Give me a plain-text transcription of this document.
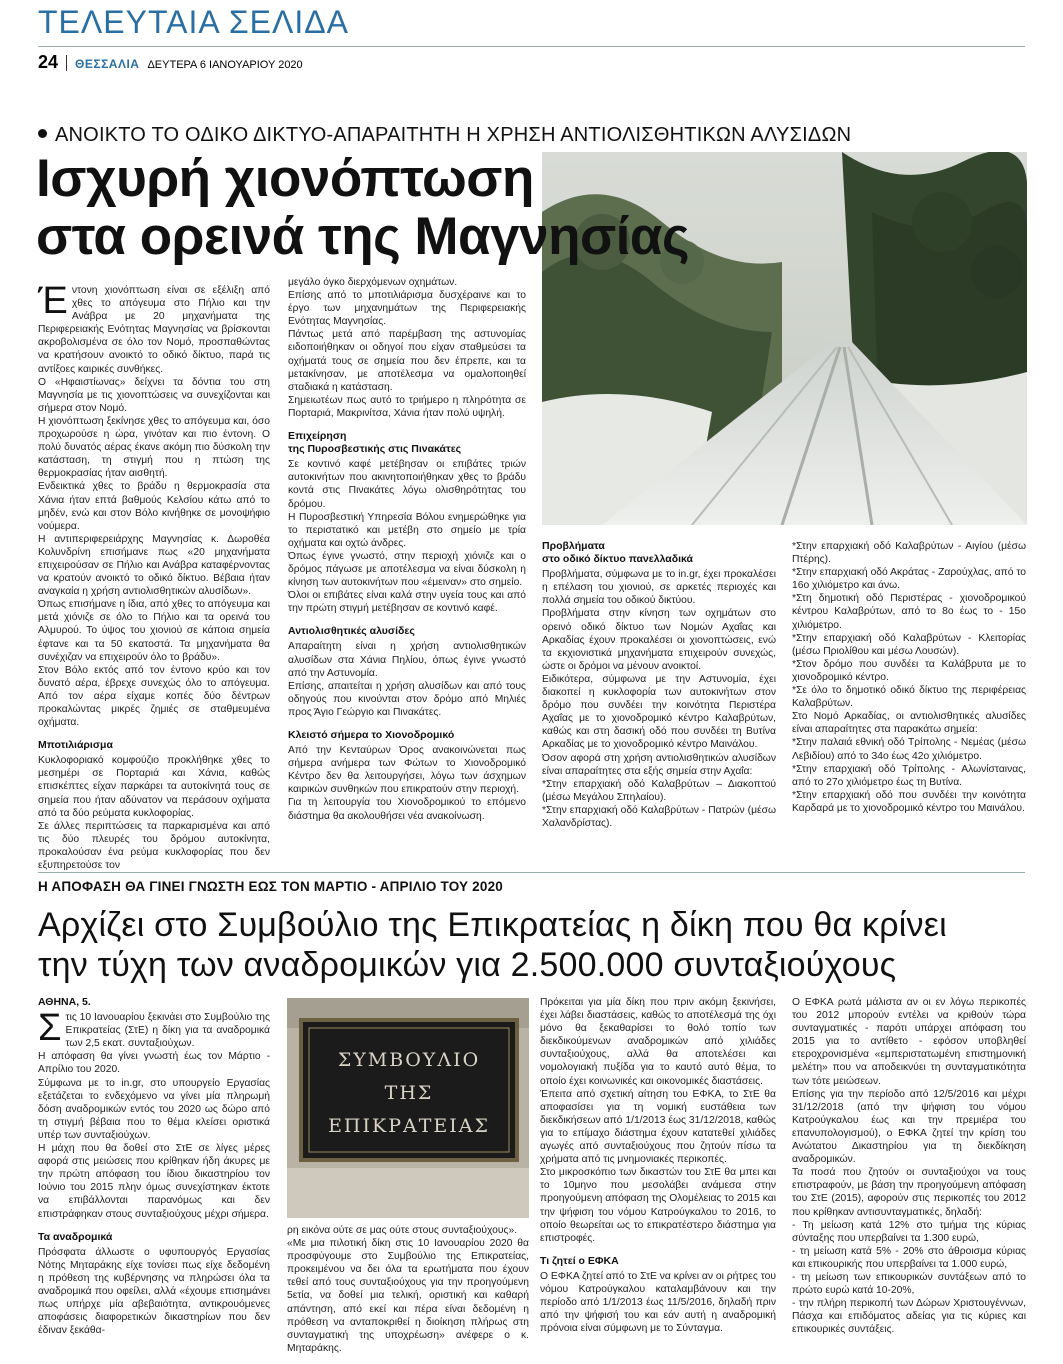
ΤΕΛΕΥΤΑΙΑ ΣΕΛΙΔΑ
24 ΘΕΣΣΑΛΙΑ ΔΕΥΤΕΡΑ 6 ΙΑΝΟΥΑΡΙΟΥ 2020
ΑΝΟΙΚΤΟ ΤΟ ΟΔΙΚΟ ΔΙΚΤΥΟ-ΑΠΑΡΑΙΤΗΤΗ Η ΧΡΗΣΗ ΑΝΤΙΟΛΙΣΘΗΤΙΚΩΝ ΑΛΥΣΙΔΩΝ
Ισχυρή χιονόπτωση
στα ορεινά της Μαγνησίας

Έντονη χιονόπτωση είναι σε εξέλιξη από χθες το απόγευμα στο Πήλιο και την Ανάβρα με 20 μηχανήματα της Περιφερειακής Ενότητας Μαγνησίας να βρίσκονται ακροβολισμένα σε όλο τον Νομό, προσπαθώντας να κρατήσουν ανοικτό το οδικό δίκτυο, παρά τις αντίξοες καιρικές συνθήκες.

Ο «Ηφαιστίωνας» δείχνει τα δόντια του στη Μαγνησία με τις χιονοπτώσεις να συνεχίζονται και σήμερα στον Νομό.

Η χιονόπτωση ξεκίνησε χθες το απόγευμα και, όσο προχωρούσε η ώρα, γινόταν και πιο έντονη. Ο πολύ δυνατός αέρας έκανε ακόμη πιο δύσκολη την κατάσταση, τη στιγμή που η πτώση της θερμοκρασίας ήταν αισθητή.

Ενδεικτικά χθες το βράδυ η θερμοκρασία στα Χάνια ήταν επτά βαθμούς Κελσίου κάτω από το μηδέν, ενώ και στον Βόλο κινήθηκε σε μονοψήφιο νούμερα.

Η αντιπεριφερειάρχης Μαγνησίας κ. Δωροθέα Κολυνδρίνη επισήμανε πως «20 μηχανήματα επιχειρούσαν σε Πήλιο και Ανάβρα καταφέρνοντας να κρατούν ανοικτό το οδικό δίκτυο. Βέβαια ήταν αναγκαία η χρήση αντιολισθητικών αλυσίδων».

Όπως επισήμανε η ίδια, από χθες το απόγευμα και μετά χιόνιζε σε όλο το Πήλιο και τα ορεινά του Αλμυρού. Το ύψος του χιονιού σε κάποια σημεία έφτανε και τα 50 εκατοστά. Τα μηχανήματα θα συνέχιζαν να επιχειρούν όλο το βράδυ».

Στον Βόλο εκτός από τον έντονο κρύο και τον δυνατό αέρα, έβρεχε συνεχώς όλο το απόγευμα. Από τον αέρα είχαμε κοπές δύο δέντρων προκαλώντας μικρές ζημιές σε σταθμευμένα οχήματα.

Μποτιλιάρισμα

Κυκλοφοριακό κομφούζιο προκλήθηκε χθες το μεσημέρι σε Πορταριά και Χάνια, καθώς επισκέπτες είχαν παρκάρει τα αυτοκίνητά τους σε σημεία που ήταν αδύνατον να περάσουν οχήματα από τα δύο ρεύματα κυκλοφορίας.

Σε άλλες περιπτώσεις τα παρκαρισμένα και από τις δύο πλευρές του δρόμου αυτοκίνητα, προκαλούσαν ένα ρεύμα κυκλοφορίας που δεν εξυπηρετούσε τον

μεγάλο όγκο διερχόμενων οχημάτων.

Επίσης από το μποτιλιάρισμα δυσχέραινε και το έργο των μηχανημάτων της Περιφερειακής Ενότητας Μαγνησίας.

Πάντως μετά από παρέμβαση της αστυνομίας ειδοποιήθηκαν οι οδηγοί που είχαν σταθμεύσει τα οχήματά τους σε σημεία που δεν έπρεπε, και τα μετακίνησαν, με αποτέλεσμα να ομαλοποιηθεί σταδιακά η κατάσταση.

Σημειωτέων πως αυτό το τριήμερο η πληρότητα σε Πορταριά, Μακρινίτσα, Χάνια ήταν πολύ υψηλή.

Επιχείρηση
της Πυροσβεστικής στις Πινακάτες

Σε κοντινό καφέ μετέβησαν οι επιβάτες τριών αυτοκινήτων που ακινητοποιήθηκαν χθες το βράδυ κοντά στις Πινακάτες λόγω ολισθηρότητας του δρόμου.

Η Πυροσβεστική Υπηρεσία Βόλου ενημερώθηκε για το περιστατικό και μετέβη στο σημείο με τρία οχήματα και οχτώ άνδρες.

Όπως έγινε γνωστό, στην περιοχή χιόνιζε και ο δρόμος πάγωσε με αποτέλεσμα να είναι δύσκολη η κίνηση των αυτοκινήτων που «έμειναν» στο σημείο.

Όλοι οι επιβάτες είναι καλά στην υγεία τους και από την πρώτη στιγμή μετέβησαν σε κοντινό καφέ.

Αντιολισθητικές αλυσίδες

Απαραίτητη είναι η χρήση αντιολισθητικών αλυσίδων στα Χάνια Πηλίου, όπως έγινε γνωστό από την Αστυνομία.

Επίσης, απαιτείται η χρήση αλυσίδων και από τους οδηγούς που κινούνται στον δρόμο από Μηλιές προς Άγιο Γεώργιο και Πινακάτες.

Κλειστό σήμερα το Χιονοδρομικό

Από την Κενταύρων Όρος ανακοινώνεται πως σήμερα ανήμερα των Φώτων το Χιονοδρομικό Κέντρο δεν θα λειτουργήσει, λόγω των άσχημων καιρικών συνθηκών που επικρατούν στην περιοχή.

Για τη λειτουργία του Χιονοδρομικού το επόμενο διάστημα θα ακολουθήσει νέα ανακοίνωση.

Προβλήματα
στο οδικό δίκτυο πανελλαδικά

Προβλήματα, σύμφωνα με το in.gr, έχει προκαλέσει η επέλαση του χιονιού, σε αρκετές περιοχές και πολλά σημεία του οδικού δικτύου.

Προβλήματα στην κίνηση των οχημάτων στο ορεινό οδικό δίκτυο των Νομών Αχαΐας και Αρκαδίας έχουν προκαλέσει οι χιονοπτώσεις, ενώ τα εκχιονιστικά μηχανήματα επιχειρούν συνεχώς, ώστε οι δρόμοι να μένουν ανοικτοί.

Ειδικότερα, σύμφωνα με την Αστυνομία, έχει διακοπεί η κυκλοφορία των αυτοκινήτων στον δρόμο που συνδέει την κοινότητα Περιστέρα Αχαΐας με το χιονοδρομικό κέντρο Καλαβρύτων, καθώς και στη δασική οδό που συνδέει τη Βυτίνα Αρκαδίας με το χιονοδρομικό κέντρο Μαινάλου.

Όσον αφορά στη χρήση αντιολισθητικών αλυσίδων είναι απαραίτητες στα εξής σημεία στην Αχαΐα:

*Στην επαρχιακή οδό Καλαβρύτων – Διακοπτού (μέσω Μεγάλου Σπηλαίου).

*Στην επαρχιακή οδό Καλαβρύτων - Πατρών (μέσω Χαλανδρίστας).

*Στην επαρχιακή οδό Καλαβρύτων - Αιγίου (μέσω Πτέρης).

*Στην επαρχιακή οδό Ακράτας - Ζαρούχλας, από το 16ο χιλιόμετρο και άνω.

*Στη δημοτική οδό Περιστέρας - χιονοδρομικού κέντρου Καλαβρύτων, από το 8ο έως το - 15ο χιλιόμετρο.

*Στην επαρχιακή οδό Καλαβρύτων - Κλειτορίας (μέσω Πριολίθου και μέσω Λουσών).

*Στον δρόμο που συνδέει τα Καλάβρυτα με το χιονοδρομικό κέντρο.

*Σε όλο το δημοτικό οδικό δίκτυο της περιφέρειας Καλαβρύτων.

Στο Νομό Αρκαδίας, οι αντιολισθητικές αλυσίδες είναι απαραίτητες στα παρακάτω σημεία:

*Στην παλαιά εθνική οδό Τρίπολης - Νεμέας (μέσω Λεβιδίου) από το 34ο έως 42ο χιλιόμετρο.

*Στην επαρχιακή οδό Τρίπολης - Αλωνίσταινας, από το 27ο χιλιόμετρο έως τη Βυτίνα.

*Στην επαρχιακή οδό που συνδέει την κοινότητα Καρδαρά με το χιονοδρομικό κέντρο του Μαινάλου.

Η ΑΠΟΦΑΣΗ ΘΑ ΓΙΝΕΙ ΓΝΩΣΤΗ ΕΩΣ ΤΟΝ ΜΑΡΤΙΟ - ΑΠΡΙΛΙΟ ΤΟΥ 2020
Αρχίζει στο Συμβούλιο της Επικρατείας η δίκη που θα κρίνει
την τύχη των αναδρομικών για 2.500.000 συνταξιούχους
ΑΘΗΝΑ, 5.

Στις 10 Ιανουαρίου ξεκινάει στο Συμβούλιο της Επικρατείας (ΣτΕ) η δίκη για τα αναδρομικά των 2,5 εκατ. συνταξιούχων.

Η απόφαση θα γίνει γνωστή έως τον Μάρτιο - Απρίλιο του 2020.

Σύμφωνα με το in.gr, στο υπουργείο Εργασίας εξετάζεται το ενδεχόμενο να γίνει μία πληρωμή δόση αναδρομικών εντός του 2020 ως δώρο από τη στιγμή βέβαια που το θέμα κλείσει οριστικά υπέρ των συνταξιούχων.

Η μάχη που θα δοθεί στο ΣτΕ σε λίγες μέρες αφορά στις μειώσεις που κρίθηκαν ήδη άκυρες με την πρώτη απόφαση του ίδιου δικαστηρίου τον Ιούνιο του 2015 πλην όμως συνεχίστηκαν έκτοτε να επιβάλλονται παρανόμως και δεν επιστράφηκαν στους συνταξιούχους μέχρι σήμερα.

Τα αναδρομικά

Πρόσφατα άλλωστε ο υφυπουργός Εργασίας Νότης Μηταράκης είχε τονίσει πως είχε δεδομένη η πρόθεση της κυβέρνησης να πληρώσει όλα τα αναδρομικά που οφείλει, αλλά «έχουμε επισημάνει πως υπήρχε μία αβεβαιότητα, αντικρουόμενες αποφάσεις διαφορετικών δικαστηρίων που δεν έδιναν ξεκάθα-

ΣΥΜΒΟΥΛΙΟ
ΤΗΣ
ΕΠΙΚΡΑΤΕΙΑΣ

ρη εικόνα ούτε σε μας ούτε στους συνταξιούχους».

«Με μια πιλοτική δίκη στις 10 Ιανουαρίου 2020 θα προσφύγουμε στο Συμβούλιο της Επικρατείας, προκειμένου να δει όλα τα ερωτήματα που έχουν τεθεί από τους συνταξιούχους για την προηγούμενη 5ετία, να δοθεί μια τελική, οριστική και καθαρή απάντηση, από εκεί και πέρα είναι δεδομένη η πρόθεση να ανταποκριθεί η διοίκηση πλήρως στη συνταγματική της υποχρέωση» ανέφερε ο κ. Μηταράκης.

Πρόκειται για μία δίκη που πριν ακόμη ξεκινήσει, έχει λάβει διαστάσεις, καθώς το αποτέλεσμά της όχι μόνο θα ξεκαθαρίσει το θολό τοπίο των διεκδικούμενων αναδρομικών από χιλιάδες συνταξιούχους, αλλά θα αποτελέσει και νομολογιακή πυξίδα για το καυτό αυτό θέμα, το οποίο έχει κοινωνικές και οικονομικές διαστάσεις.

Έπειτα από σχετική αίτηση του ΕΦΚΑ, το ΣτΕ θα αποφασίσει για τη νομική ευστάθεια των διεκδικήσεων από 1/1/2013 έως 31/12/2018, καθώς για το επίμαχο διάστημα έχουν κατατεθεί χιλιάδες αγωγές από συνταξιούχους που ζητούν πίσω τα χρήματα από τις μνημονιακές περικοπές.

Στο μικροσκόπιο των δικαστών του ΣτΕ θα μπει και το 10μηνο που μεσολάβει ανάμεσα στην προηγούμενη απόφαση της Ολομέλειας το 2015 και την ψήφιση του νόμου Κατρούγκαλου το 2016, το οποίο θεωρείται ως το επικρατέστερο διάστημα για επιστροφές.

Τι ζητεί ο ΕΦΚΑ

Ο ΕΦΚΑ ζητεί από το ΣτΕ να κρίνει αν οι ρήτρες του νόμου Κατρούγκαλου καταλαμβάνουν και την περίοδο από 1/1/2013 έως 11/5/2016, δηλαδή πριν από την ψήφισή του και εάν αυτή η αναδρομική πρόνοια είναι σύμφωνη με το Σύνταγμα.

Ο ΕΦΚΑ ρωτά μάλιστα αν οι εν λόγω περικοπές του 2012 μπορούν εντέλει να κριθούν τώρα συνταγματικές - παρότι υπάρχει απόφαση του 2015 για το αντίθετο - εφόσον υποβληθεί ετεροχρονισμένα «εμπεριστατωμένη επιστημονική μελέτη» που να αποδεικνύει τη συνταγματικότητα των τότε μειώσεων.

Επίσης για την περίοδο από 12/5/2016 και μέχρι 31/12/2018 (από την ψήφιση του νόμου Κατρούγκαλου έως και την πρεμιέρα του επανυπολογισμού), ο ΕΦΚΑ ζητεί την κρίση του Ανώτατου Δικαστηρίου για τη διεκδίκηση αναδρομικών.

Τα ποσά που ζητούν οι συνταξιούχοι να τους επιστραφούν, με βάση την προηγούμενη απόφαση του ΣτΕ (2015), αφορούν στις περικοπές του 2012 που κρίθηκαν αντισυνταγματικές, δηλαδή:

- Τη μείωση κατά 12% στο τμήμα της κύριας σύνταξης που υπερβαίνει τα 1.300 ευρώ,

- τη μείωση κατά 5% - 20% στο άθροισμα κύριας και επικουρικής που υπερβαίνει τα 1.000 ευρώ,

- τη μείωση των επικουρικών συντάξεων από το πρώτο ευρώ κατά 10-20%,

- την πλήρη περικοπή των Δώρων Χριστουγέννων, Πάσχα και επιδόματος αδείας για τις κύριες και επικουρικές συντάξεις.
